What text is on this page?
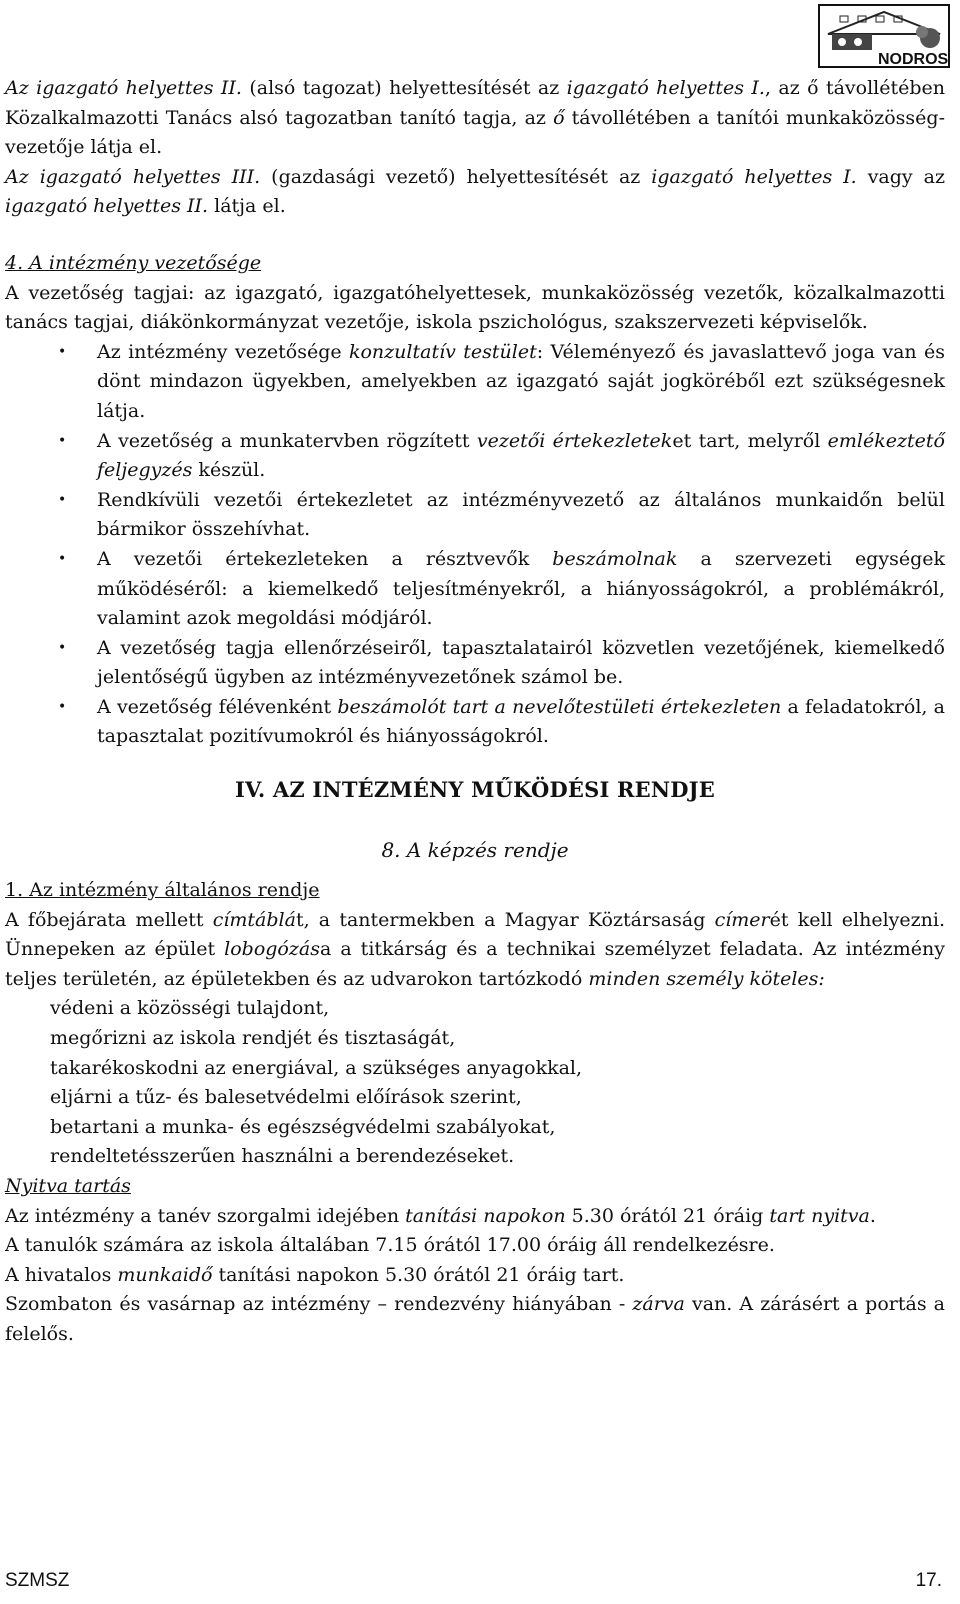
NODROS

Az igazgató helyettes II. (alsó tagozat) helyettesítését az igazgató helyettes I., az ő távollétében Közalkalmazotti Tanács alsó tagozatban tanító tagja, az ő távollétében a tanítói munkaközösség-vezetője látja el.

Az igazgató helyettes III. (gazdasági vezető) helyettesítését az igazgató helyettes I. vagy az igazgató helyettes II. látja el.

4. A intézmény vezetősége

A vezetőség tagjai: az igazgató, igazgatóhelyettesek, munkaközösség vezetők, közalkalmazotti tanács tagjai, diákönkormányzat vezetője, iskola pszichológus, szakszervezeti képviselők.

• Az intézmény vezetősége konzultatív testület: Véleményező és javaslattevő joga van és dönt mindazon ügyekben, amelyekben az igazgató saját jogköréből ezt szükségesnek látja.
• A vezetőség a munkatervben rögzített vezetői értekezleteket tart, melyről emlékeztető feljegyzés készül.
• Rendkívüli vezetői értekezletet az intézményvezető az általános munkaidőn belül bármikor összehívhat.
• A vezetői értekezleteken a résztvevők beszámolnak a szervezeti egységek működéséről: a kiemelkedő teljesítményekről, a hiányosságokról, a problémákról, valamint azok megoldási módjáról.
• A vezetőség tagja ellenőrzéseiről, tapasztalatairól közvetlen vezetőjének, kiemelkedő jelentőségű ügyben az intézményvezetőnek számol be.
• A vezetőség félévenként beszámolót tart a nevelőtestületi értekezleten a feladatokról, a tapasztalat pozitívumokról és hiányosságokról.
IV. AZ INTÉZMÉNY MŰKÖDÉSI RENDJE
8. A képzés rendje

1. Az intézmény általános rendje

A főbejárata mellett címtáblát, a tantermekben a Magyar Köztársaság címerét kell elhelyezni. Ünnepeken az épület lobogózása a titkárság és a technikai személyzet feladata. Az intézmény teljes területén, az épületekben és az udvarokon tartózkodó minden személy köteles:

védeni a közösségi tulajdont,

megőrizni az iskola rendjét és tisztaságát,

takarékoskodni az energiával, a szükséges anyagokkal,

eljárni a tűz- és balesetvédelmi előírások szerint,

betartani a munka- és egészségvédelmi szabályokat,

rendeltetésszerűen használni a berendezéseket.

Nyitva tartás

Az intézmény a tanév szorgalmi idejében tanítási napokon 5.30 órától 21 óráig tart nyitva.

A tanulók számára az iskola általában 7.15 órától 17.00 óráig áll rendelkezésre.

A hivatalos munkaidő tanítási napokon 5.30 órától 21 óráig tart.

Szombaton és vasárnap az intézmény – rendezvény hiányában - zárva van. A zárásért a portás a felelős.

SZMSZ	17.
